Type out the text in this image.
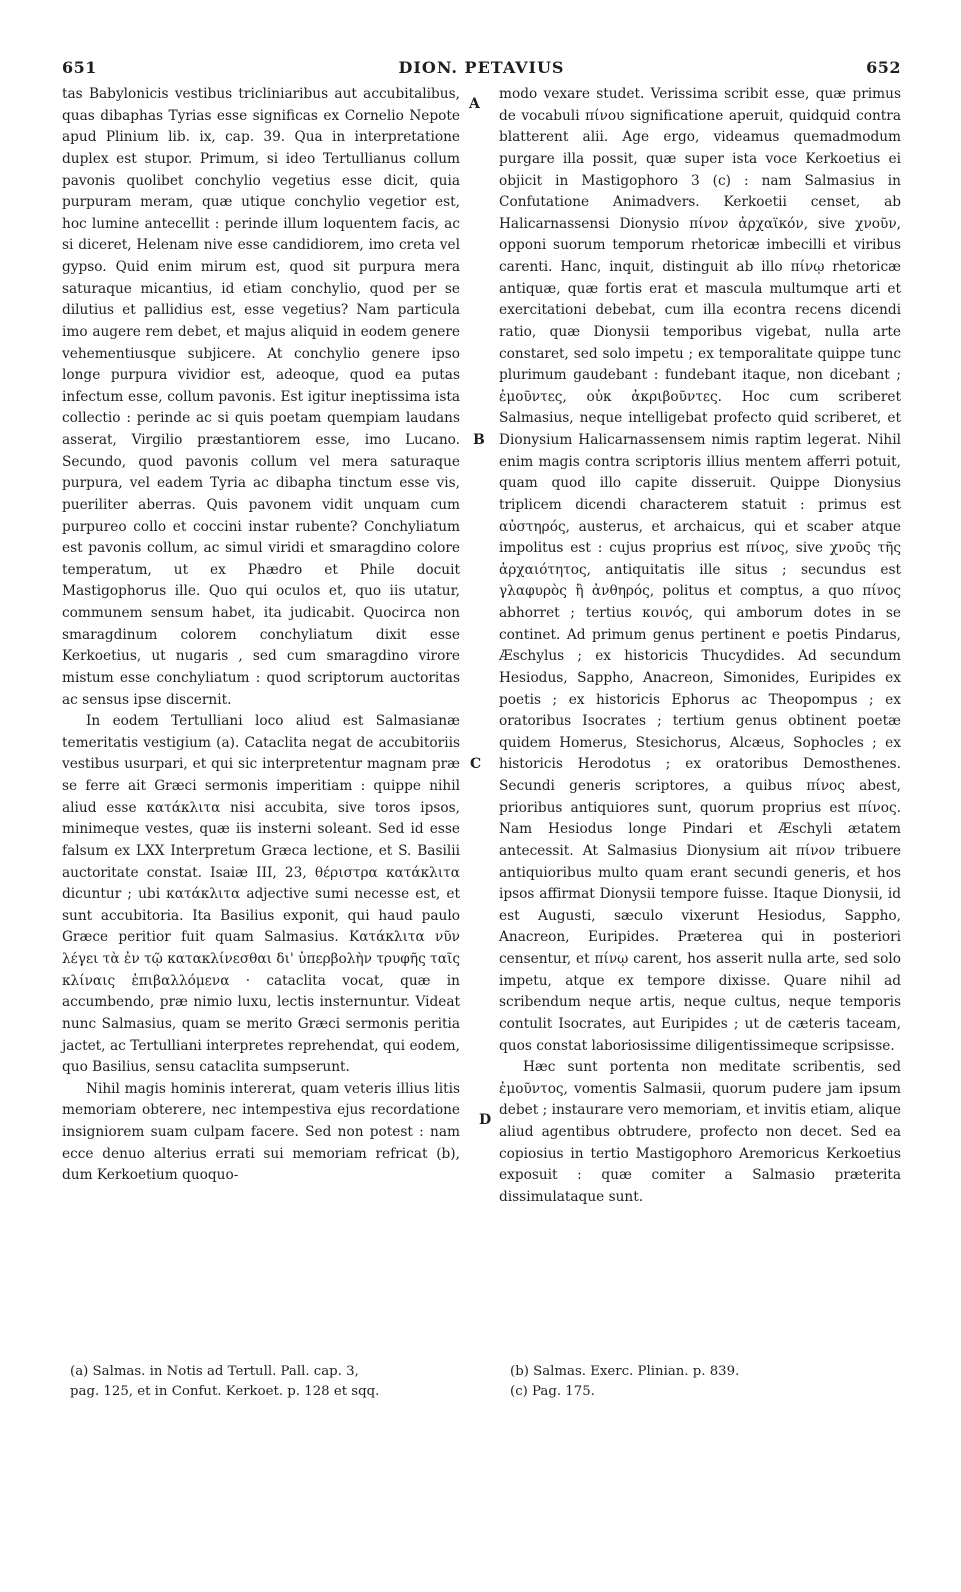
651	DION. PETAVIUS	652

tas Babylonicis vestibus tricliniaribus aut accubitalibus, quas dibaphas Tyrias esse significas ex Cornelio Nepote apud Plinium lib. ix, cap. 39. Qua in interpretatione duplex est stupor. Primum, si ideo Tertullianus collum pavonis quolibet conchylio vegetius esse dicit, quia purpuram meram, quæ utique conchylio vegetior est, hoc lumine antecellit : perinde illum loquentem facis, ac si diceret, Helenam nive esse candidiorem, imo creta vel gypso. Quid enim mirum est, quod sit purpura mera saturaque micantius, id etiam conchylio, quod per se dilutius et pallidius est, esse vegetius? Nam particula imo augere rem debet, et majus aliquid in eodem genere vehementiusque subjicere. At conchylio genere ipso longe purpura vividior est, adeoque, quod ea putas infectum esse, collum pavonis. Est igitur ineptissima ista collectio : perinde ac si quis poetam quempiam laudans asserat, Virgilio præstantiorem esse, imo Lucano. Secundo, quod pavonis collum vel mera saturaque purpura, vel eadem Tyria ac dibapha tinctum esse vis, pueriliter aberras. Quis pavonem vidit unquam cum purpureo collo et coccini instar rubente? Conchyliatum est pavonis collum, ac simul viridi et smaragdino colore temperatum, ut ex Phædro et Phile docuit Mastigophorus ille. Quo qui oculos et, quo iis utatur, communem sensum habet, ita judicabit. Quocirca non smaragdinum colorem conchyliatum dixit esse Kerkoetius, ut nugaris , sed cum smaragdino virore mistum esse conchyliatum : quod scriptorum auctoritas ac sensus ipse discernit.

In eodem Tertulliani loco aliud est Salmasianæ temeritatis vestigium (a). Cataclita negat de accubitoriis vestibus usurpari, et qui sic interpretentur magnam præ se ferre ait Græci sermonis imperitiam : quippe nihil aliud esse κατάκλιτα nisi accubita, sive toros ipsos, minimeque vestes, quæ iis insterni soleant. Sed id esse falsum ex LXX Interpretum Græca lectione, et S. Basilii auctoritate constat. Isaiæ III, 23, θέριστρα κατάκλιτα dicuntur ; ubi κατάκλιτα adjective sumi necesse est, et sunt accubitoria. Ita Basilius exponit, qui haud paulo Græce peritior fuit quam Salmasius. Κατάκλιτα νῦν λέγει τὰ ἐν τῷ κατακλίνεσθαι δι' ὑπερβολὴν τρυφῆς ταῖς κλίναις ἐπιβαλλόμενα · cataclita vocat, quæ in accumbendo, præ nimio luxu, lectis insternuntur. Videat nunc Salmasius, quam se merito Græci sermonis peritia jactet, ac Tertulliani interpretes reprehendat, qui eodem, quo Basilius, sensu cataclita sumpserunt.

Nihil magis hominis intererat, quam veteris illius litis memoriam obterere, nec intempestiva ejus recordatione insigniorem suam culpam facere. Sed non potest : nam ecce denuo alterius errati sui memoriam refricat (b), dum Kerkoetium quoquo-

A
B
C
D

modo vexare studet. Verissima scribit esse, quæ primus de vocabuli πίνου significatione aperuit, quidquid contra blatterent alii. Age ergo, videamus quemadmodum purgare illa possit, quæ super ista voce Kerkoetius ei objicit in Mastigophoro 3 (c) : nam Salmasius in Confutatione Animadvers. Kerkoetii censet, ab Halicarnassensi Dionysio πίνον ἀρχαϊκόν, sive χνοῦν, opponi suorum temporum rhetoricæ imbecilli et viribus carenti. Hanc, inquit, distinguit ab illo πίνῳ rhetoricæ antiquæ, quæ fortis erat et mascula multumque arti et exercitationi debebat, cum illa econtra recens dicendi ratio, quæ Dionysii temporibus vigebat, nulla arte constaret, sed solo impetu ; ex temporalitate quippe tunc plurimum gaudebant : fundebant itaque, non dicebant ; ἐμοῦντες, οὐκ ἀκριβοῦντες. Hoc cum scriberet Salmasius, neque intelligebat profecto quid scriberet, et Dionysium Halicarnassensem nimis raptim legerat. Nihil enim magis contra scriptoris illius mentem afferri potuit, quam quod illo capite disseruit. Quippe Dionysius triplicem dicendi characterem statuit : primus est αὐστηρός, austerus, et archaicus, qui et scaber atque impolitus est : cujus proprius est πίνος, sive χνοῦς τῆς ἀρχαιότητος, antiquitatis ille situs ; secundus est γλαφυρὸς ἢ ἀνθηρός, politus et comptus, a quo πίνος abhorret ; tertius κοινός, qui amborum dotes in se continet. Ad primum genus pertinent e poetis Pindarus, Æschylus ; ex historicis Thucydides. Ad secundum Hesiodus, Sappho, Anacreon, Simonides, Euripides ex poetis ; ex historicis Ephorus ac Theopompus ; ex oratoribus Isocrates ; tertium genus obtinent poetæ quidem Homerus, Stesichorus, Alcæus, Sophocles ; ex historicis Herodotus ; ex oratoribus Demosthenes. Secundi generis scriptores, a quibus πίνος abest, prioribus antiquiores sunt, quorum proprius est πίνος. Nam Hesiodus longe Pindari et Æschyli ætatem antecessit. At Salmasius Dionysium ait πίνον tribuere antiquioribus multo quam erant secundi generis, et hos ipsos affirmat Dionysii tempore fuisse. Itaque Dionysii, id est Augusti, sæculo vixerunt Hesiodus, Sappho, Anacreon, Euripides. Præterea qui in posteriori censentur, et πίνῳ carent, hos asserit nulla arte, sed solo impetu, atque ex tempore dixisse. Quare nihil ad scribendum neque artis, neque cultus, neque temporis contulit Isocrates, aut Euripides ; ut de cæteris taceam, quos constat laboriosissime diligentissimeque scripsisse.

Hæc sunt portenta non meditate scribentis, sed ἐμοῦντος, vomentis Salmasii, quorum pudere jam ipsum debet ; instaurare vero memoriam, et invitis etiam, alique aliud agentibus obtrudere, profecto non decet. Sed ea copiosius in tertio Mastigophoro Aremoricus Kerkoetius exposuit : quæ comiter a Salmasio præterita dissimulataque sunt.

(a) Salmas. in Notis ad Tertull. Pall. cap. 3,

pag. 125, et in Confut. Kerkoet. p. 128 et sqq.

(b) Salmas. Exerc. Plinian. p. 839.

(c) Pag. 175.
